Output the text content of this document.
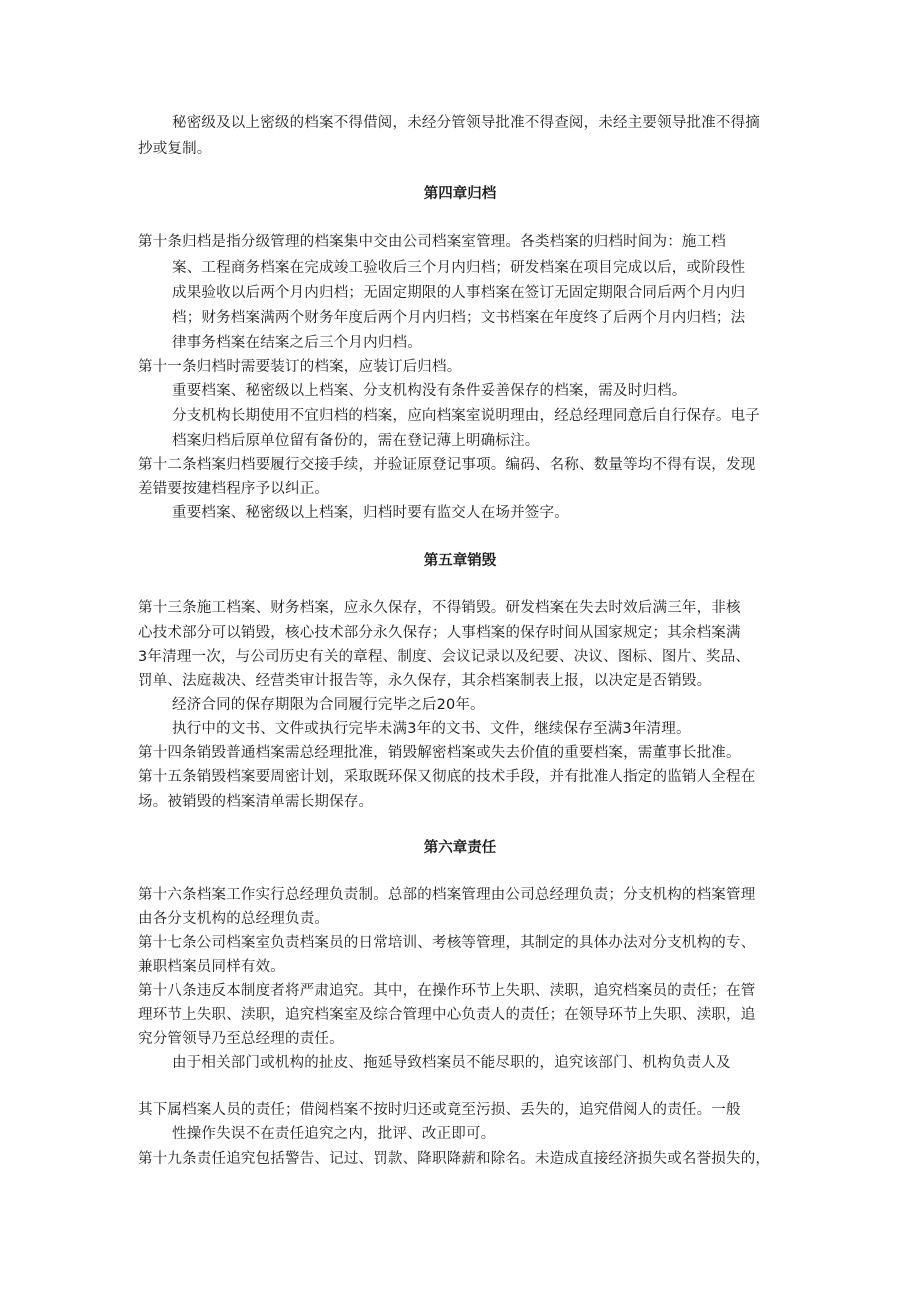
秘密级及以上密级的档案不得借阅，未经分管领导批准不得查阅，未经主要领导批准不得摘
抄或复制。
第四章归档
第十条归档是指分级管理的档案集中交由公司档案室管理。各类档案的归档时间为：施工档
案、工程商务档案在完成竣工验收后三个月内归档；研发档案在项目完成以后，或阶段性
成果验收以后两个月内归档；无固定期限的人事档案在签订无固定期限合同后两个月内归
档；财务档案满两个财务年度后两个月内归档；文书档案在年度终了后两个月内归档；法
律事务档案在结案之后三个月内归档。
第十一条归档时需要装订的档案，应装订后归档。
重要档案、秘密级以上档案、分支机构没有条件妥善保存的档案，需及时归档。
分支机构长期使用不宜归档的档案，应向档案室说明理由，经总经理同意后自行保存。电子
档案归档后原单位留有备份的，需在登记薄上明确标注。
第十二条档案归档要履行交接手续，并验证原登记事项。编码、名称、数量等均不得有误，发现
差错要按建档程序予以纠正。
重要档案、秘密级以上档案，归档时要有监交人在场并签字。
第五章销毁
第十三条施工档案、财务档案，应永久保存，不得销毁。研发档案在失去时效后满三年，非核
心技术部分可以销毁，核心技术部分永久保存；人事档案的保存时间从国家规定；其余档案满
3年清理一次，与公司历史有关的章程、制度、会议记录以及纪要、决议、图标、图片、奖品、
罚单、法庭裁决、经营类审计报告等，永久保存，其余档案制表上报，以决定是否销毁。
经济合同的保存期限为合同履行完毕之后20年。
执行中的文书、文件或执行完毕未满3年的文书、文件，继续保存至满3年清理。
第十四条销毁普通档案需总经理批准，销毁解密档案或失去价值的重要档案，需董事长批准。
第十五条销毁档案要周密计划，采取既环保又彻底的技术手段，并有批准人指定的监销人全程在
场。被销毁的档案清单需长期保存。
第六章责任
第十六条档案工作实行总经理负责制。总部的档案管理由公司总经理负责；分支机构的档案管理
由各分支机构的总经理负责。
第十七条公司档案室负责档案员的日常培训、考核等管理，其制定的具体办法对分支机构的专、
兼职档案员同样有效。
第十八条违反本制度者将严肃追究。其中，在操作环节上失职、渎职，追究档案员的责任；在管
理环节上失职、渎职，追究档案室及综合管理中心负责人的责任；在领导环节上失职、渎职，追
究分管领导乃至总经理的责任。
由于相关部门或机构的扯皮、拖延导致档案员不能尽职的，追究该部门、机构负责人及
其下属档案人员的责任；借阅档案不按时归还或竟至污损、丢失的，追究借阅人的责任。一般
性操作失误不在责任追究之内，批评、改正即可。
第十九条责任追究包括警告、记过、罚款、降职降薪和除名。未造成直接经济损失或名誉损失的，
